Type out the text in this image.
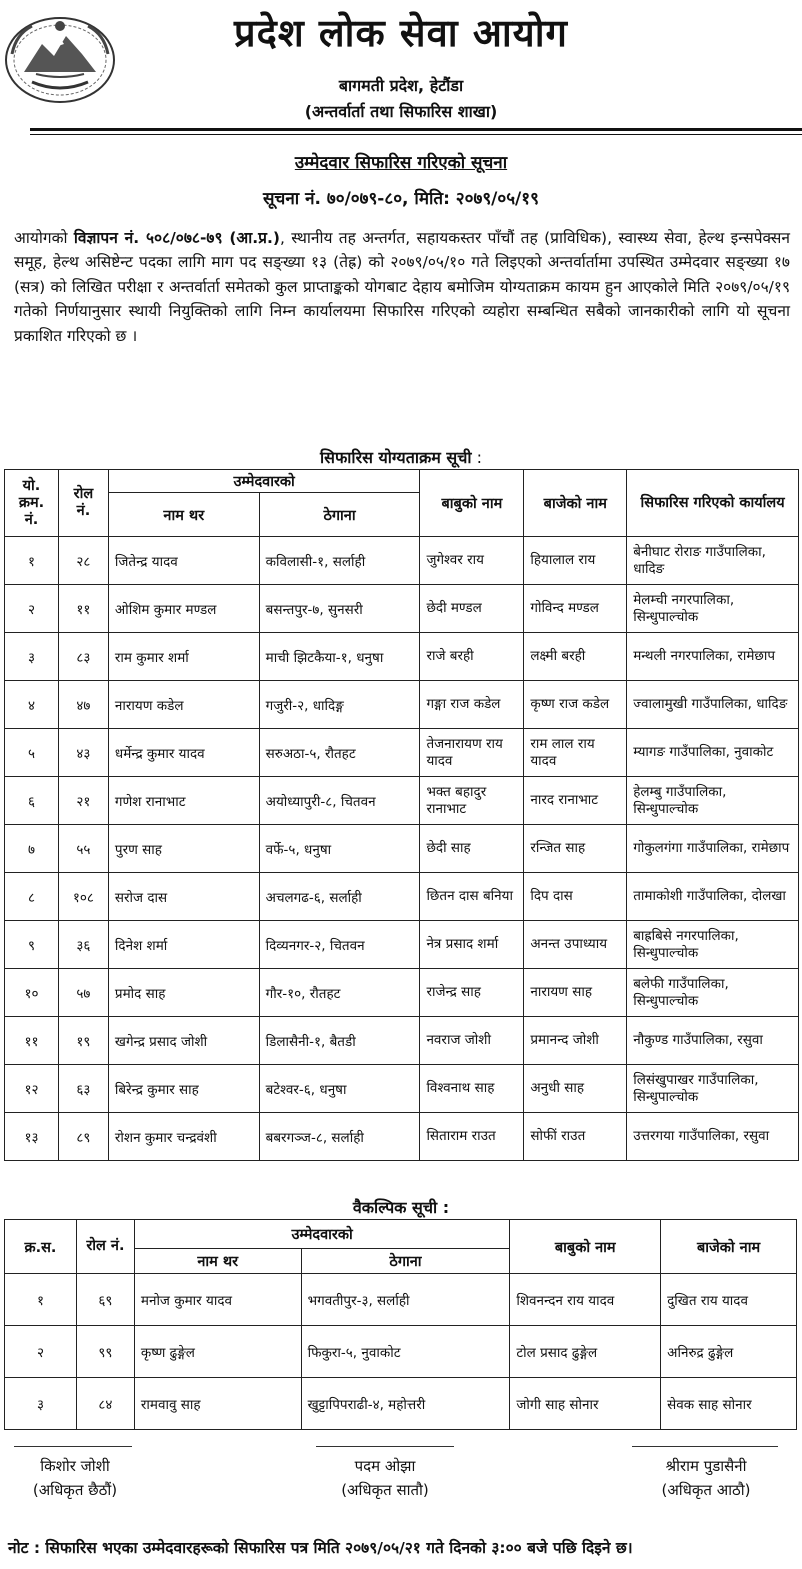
प्रदेश लोक सेवा आयोग
बागमती प्रदेश, हेटौंडा
(अन्तर्वार्ता तथा सिफारिस शाखा)
उम्मेदवार सिफारिस गरिएको सूचना
सूचना नं. ७०/०७९-८०, मिति: २०७९/०५/१९
आयोगको विज्ञापन नं. ५०८/०७८-७९ (आ.प्र.), स्थानीय तह अन्तर्गत, सहायकस्तर पाँचौं तह (प्राविधिक), स्वास्थ्य सेवा, हेल्थ इन्सपेक्सन समूह, हेल्थ असिष्टेन्ट पदका लागि माग पद सङ्ख्या १३ (तेह्र) को २०७९/०५/१० गते लिइएको अन्तर्वार्तामा उपस्थित उम्मेदवार सङ्ख्या १७ (सत्र) को लिखित परीक्षा र अन्तर्वार्ता समेतको कुल प्राप्ताङ्कको योगबाट देहाय बमोजिम योग्यताक्रम कायम हुन आएकोले मिति २०७९/०५/१९ गतेको निर्णयानुसार स्थायी नियुक्तिको लागि निम्न कार्यालयमा सिफारिस गरिएको व्यहोरा सम्बन्धित सबैको जानकारीको लागि यो सूचना प्रकाशित गरिएको छ ।
सिफारिस योग्यताक्रम सूची :
यो. क्रम. नं.	रोल नं.	उम्मेदवारको		बाबुको नाम	बाजेको नाम	सिफारिस गरिएको कार्यालय
		नाम थर	ठेगाना			
१	२८	जितेन्द्र यादव	कविलासी-१, सर्लाही	जुगेश्वर राय	हियालाल राय	बेनीघाट रोराङ गाउँपालिका, धादिङ
२	११	ओशिम कुमार मण्डल	बसन्तपुर-७, सुनसरी	छेदी मण्डल	गोविन्द मण्डल	मेलम्ची नगरपालिका, सिन्धुपाल्चोक
३	८३	राम कुमार शर्मा	माची झिटकैया-१, धनुषा	राजे बरही	लक्ष्मी बरही	मन्थली नगरपालिका, रामेछाप
४	४७	नारायण कडेल	गजुरी-२, धादिङ्ग	गङ्गा राज कडेल	कृष्ण राज कडेल	ज्वालामुखी गाउँपालिका, धादिङ
५	४३	धर्मेन्द्र कुमार यादव	सरुअठा-५, रौतहट	तेजनारायण राय यादव	राम लाल राय यादव	म्यागङ गाउँपालिका, नुवाकोट
६	२१	गणेश रानाभाट	अयोध्यापुरी-८, चितवन	भक्त बहादुर रानाभाट	नारद रानाभाट	हेलम्बु गाउँपालिका, सिन्धुपाल्चोक
७	५५	पुरण साह	वर्फे-५, धनुषा	छेदी साह	रन्जित साह	गोकुलगंगा गाउँपालिका, रामेछाप
८	१०८	सरोज दास	अचलगढ-६, सर्लाही	छितन दास बनिया	दिप दास	तामाकोशी गाउँपालिका, दोलखा
९	३६	दिनेश शर्मा	दिव्यनगर-२, चितवन	नेत्र प्रसाद शर्मा	अनन्त उपाध्याय	बाह्रबिसे नगरपालिका, सिन्धुपाल्चोक
१०	५७	प्रमोद साह	गौर-१०, रौतहट	राजेन्द्र साह	नारायण साह	बलेफी गाउँपालिका, सिन्धुपाल्चोक
११	१९	खगेन्द्र प्रसाद जोशी	डिलासैनी-१, बैतडी	नवराज जोशी	प्रमानन्द जोशी	नौकुण्ड गाउँपालिका, रसुवा
१२	६३	बिरेन्द्र कुमार साह	बटेश्वर-६, धनुषा	विश्वनाथ साह	अनुधी साह	लिसंखुपाखर गाउँपालिका, सिन्धुपाल्चोक
१३	८९	रोशन कुमार चन्द्रवंशी	बबरगञ्ज-८, सर्लाही	सिताराम राउत	सोफीं राउत	उत्तरगया गाउँपालिका, रसुवा
वैकल्पिक सूची :
क्र.स.	रोल नं.	उम्मेदवारको		बाबुको नाम	बाजेको नाम
		नाम थर	ठेगाना		
१	६९	मनोज कुमार यादव	भगवतीपुर-३, सर्लाही	शिवनन्दन राय यादव	दुखित राय यादव
२	९९	कृष्ण ढुङ्गेल	फिकुरा-५, नुवाकोट	टोल प्रसाद ढुङ्गेल	अनिरुद्र ढुङ्गेल
३	८४	रामवावु साह	खुट्टापिपराढी-४, महोत्तरी	जोगी साह सोनार	सेवक साह सोनार
किशोर जोशी
(अधिकृत छैठौं)
पदम ओझा
(अधिकृत सातौ)
श्रीराम पुडासैनी
(अधिकृत आठौ)
नोट : सिफारिस भएका उम्मेदवारहरूको सिफारिस पत्र मिति २०७९/०५/२१ गते दिनको ३:०० बजे पछि दिइने छ।
